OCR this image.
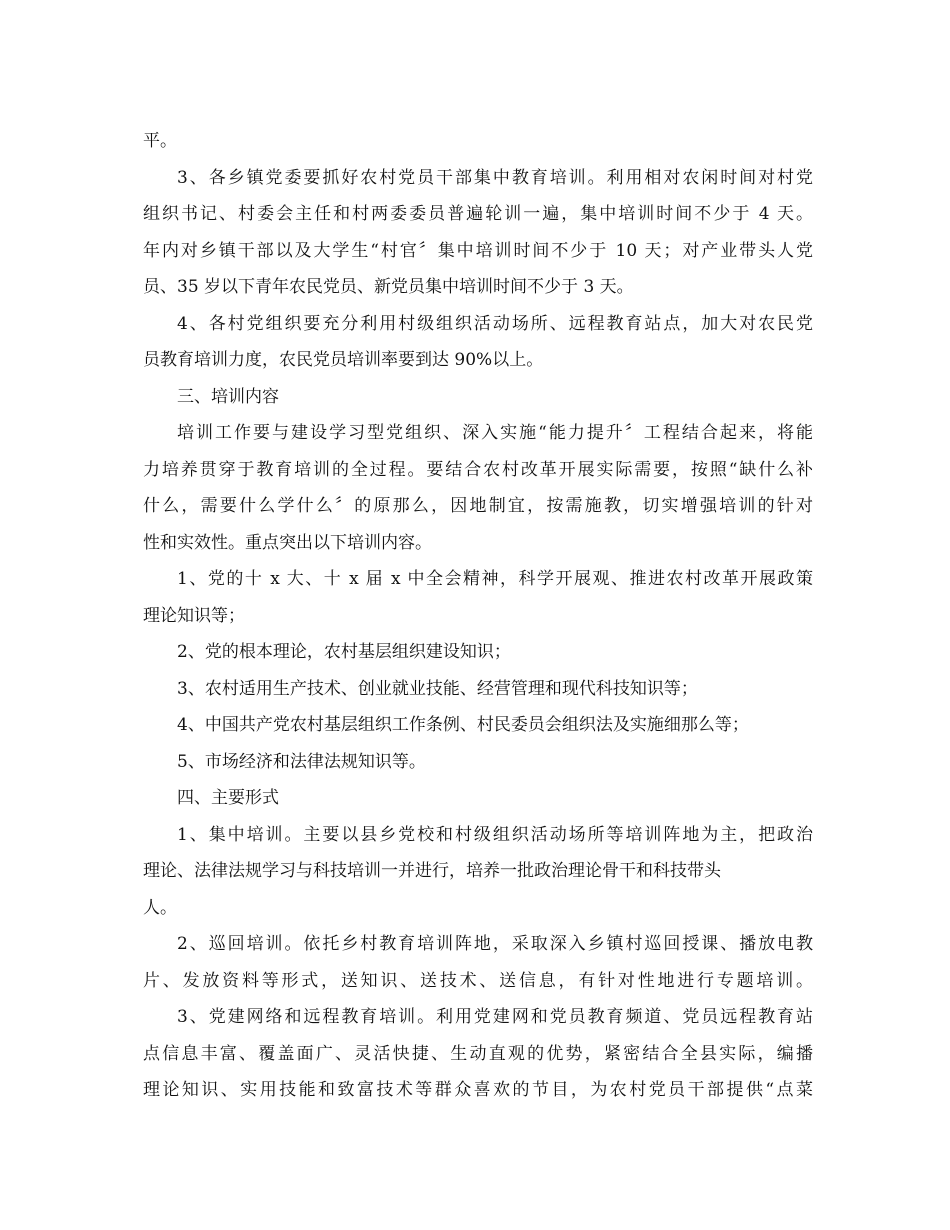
平。
3、各乡镇党委要抓好农村党员干部集中教育培训。利用相对农闲时间对村党
组织书记、村委会主任和村两委委员普遍轮训一遍，集中培训时间不少于 4 天。
年内对乡镇干部以及大学生“村官〞集中培训时间不少于 10 天；对产业带头人党
员、35 岁以下青年农民党员、新党员集中培训时间不少于 3 天。
4、各村党组织要充分利用村级组织活动场所、远程教育站点，加大对农民党
员教育培训力度，农民党员培训率要到达 90%以上。
三、培训内容
培训工作要与建设学习型党组织、深入实施“能力提升〞工程结合起来，将能
力培养贯穿于教育培训的全过程。要结合农村改革开展实际需要，按照“缺什么补
什么，需要什么学什么〞的原那么，因地制宜，按需施教，切实增强培训的针对
性和实效性。重点突出以下培训内容。
1、党的十 x 大、十 x 届 x 中全会精神，科学开展观、推进农村改革开展政策
理论知识等；
2、党的根本理论，农村基层组织建设知识；
3、农村适用生产技术、创业就业技能、经营管理和现代科技知识等；
4、中国共产党农村基层组织工作条例、村民委员会组织法及实施细那么等；
5、市场经济和法律法规知识等。
四、主要形式
1、集中培训。主要以县乡党校和村级组织活动场所等培训阵地为主，把政治
理论、法律法规学习与科技培训一并进行，培养一批政治理论骨干和科技带头
人。
2、巡回培训。依托乡村教育培训阵地，采取深入乡镇村巡回授课、播放电教
片、发放资料等形式，送知识、送技术、送信息，有针对性地进行专题培训。
3、党建网络和远程教育培训。利用党建网和党员教育频道、党员远程教育站
点信息丰富、覆盖面广、灵活快捷、生动直观的优势，紧密结合全县实际，编播
理论知识、实用技能和致富技术等群众喜欢的节目，为农村党员干部提供“点菜
